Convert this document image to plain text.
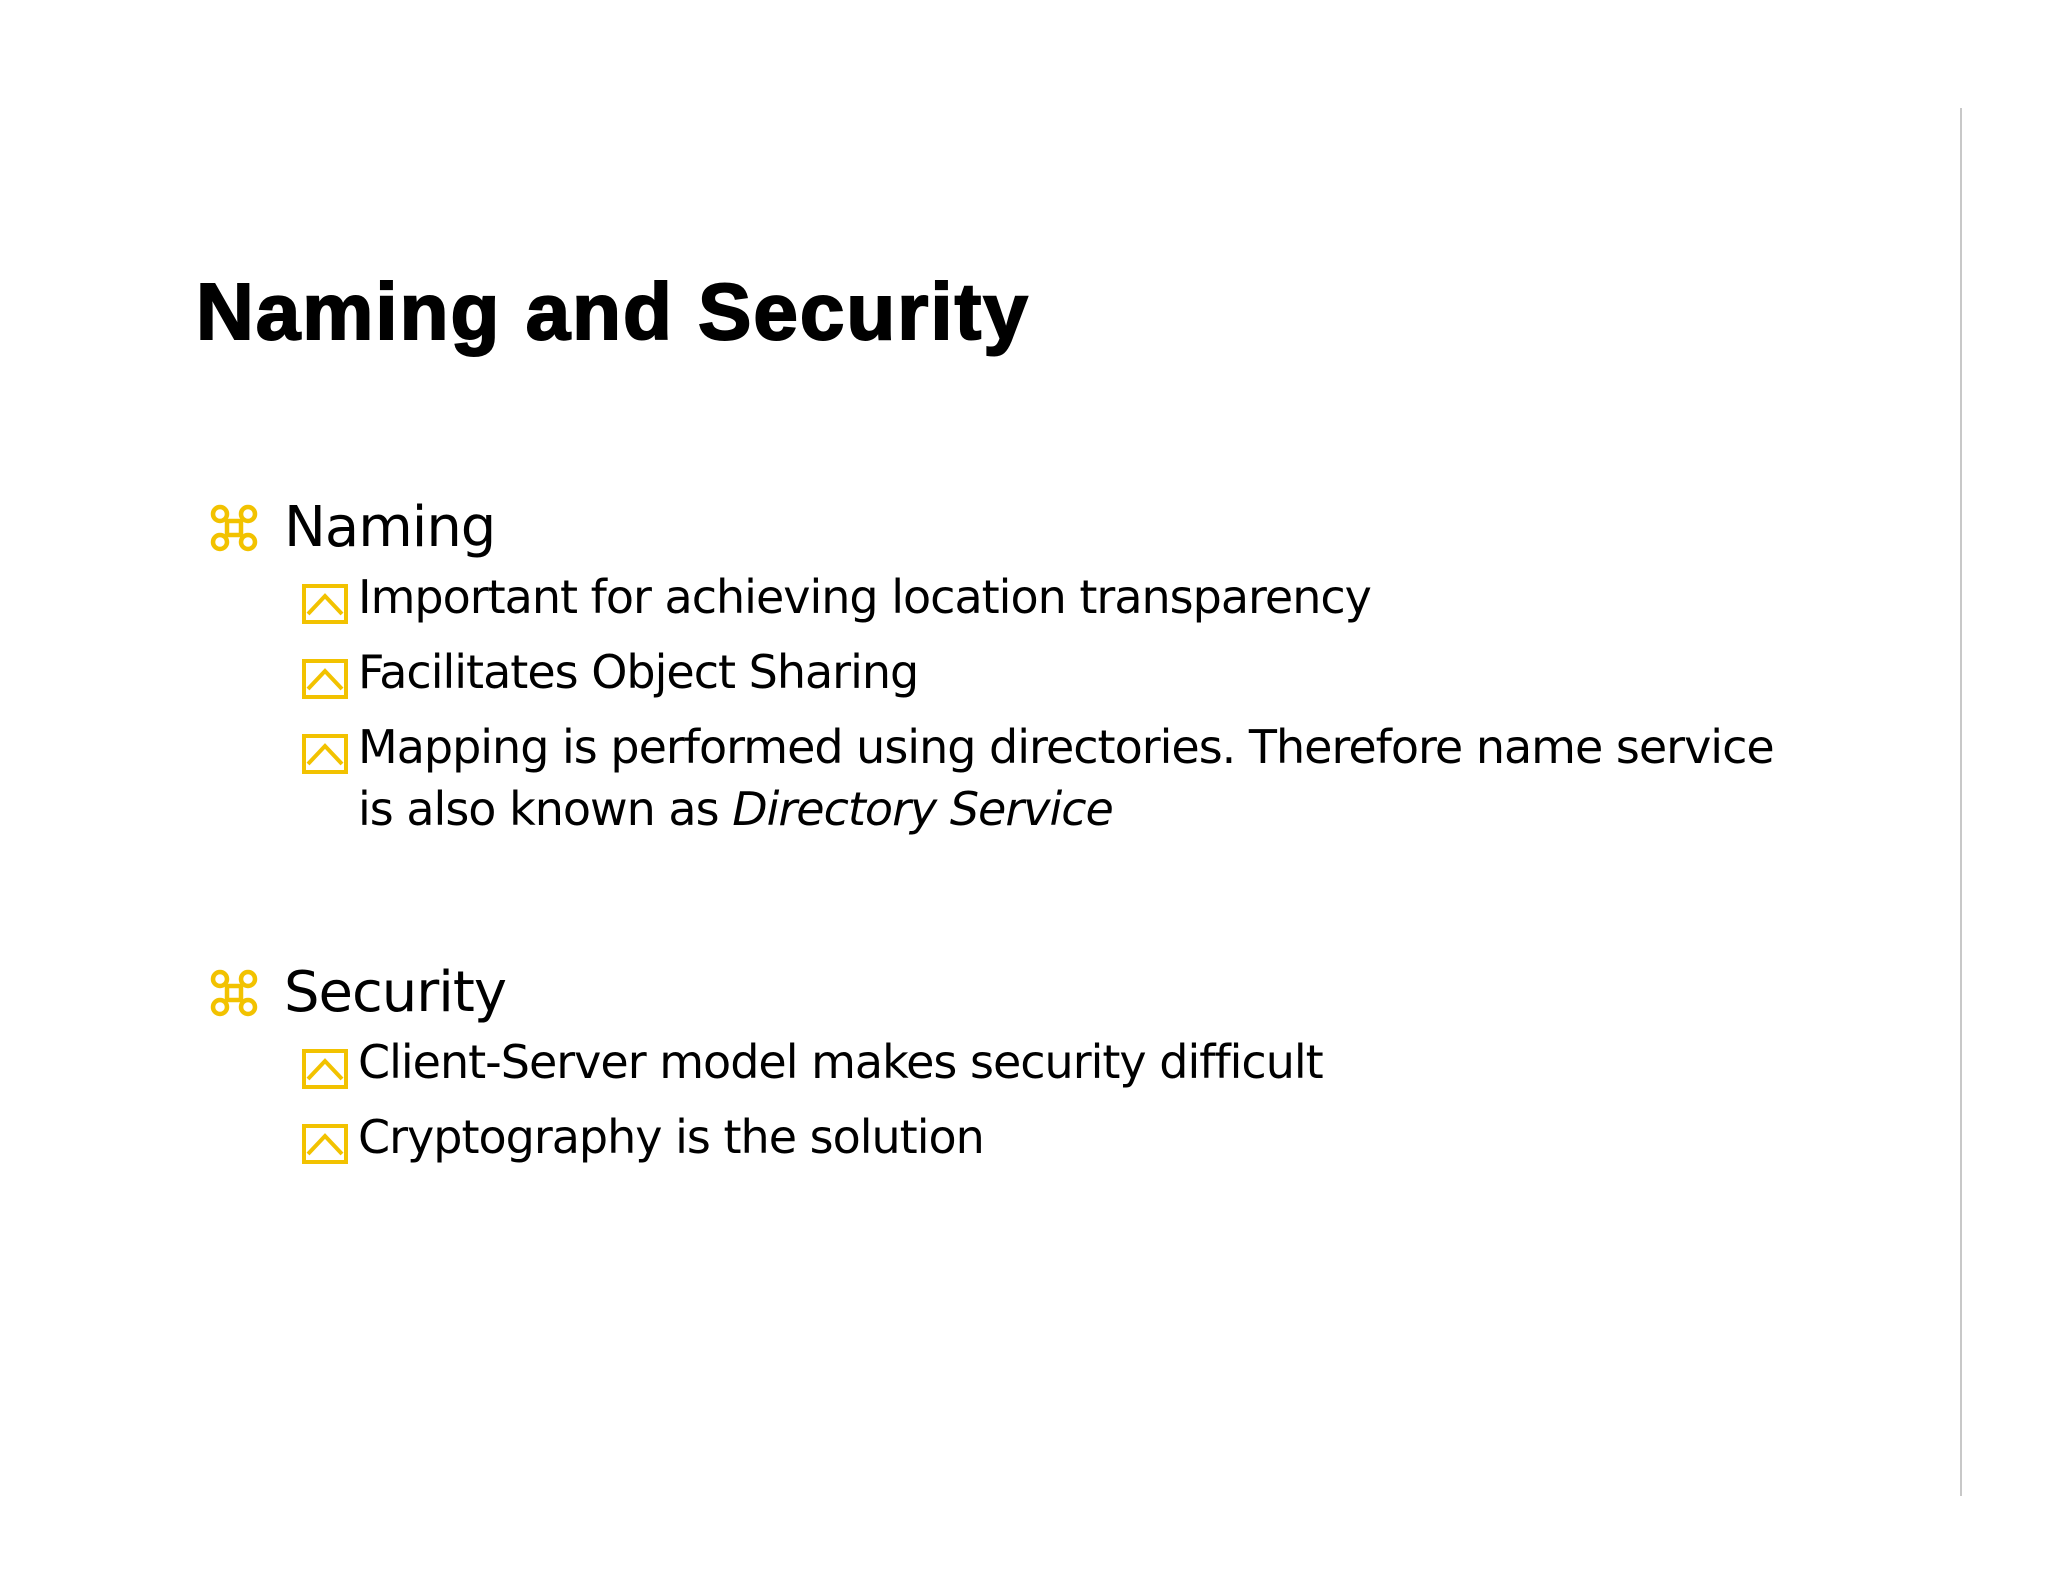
Naming and Security
Naming
Important for achieving location transparency
Facilitates Object Sharing
Mapping is performed using directories. Therefore name service
is also known as Directory Service
Security
Client-Server model makes security difficult
Cryptography is the solution
